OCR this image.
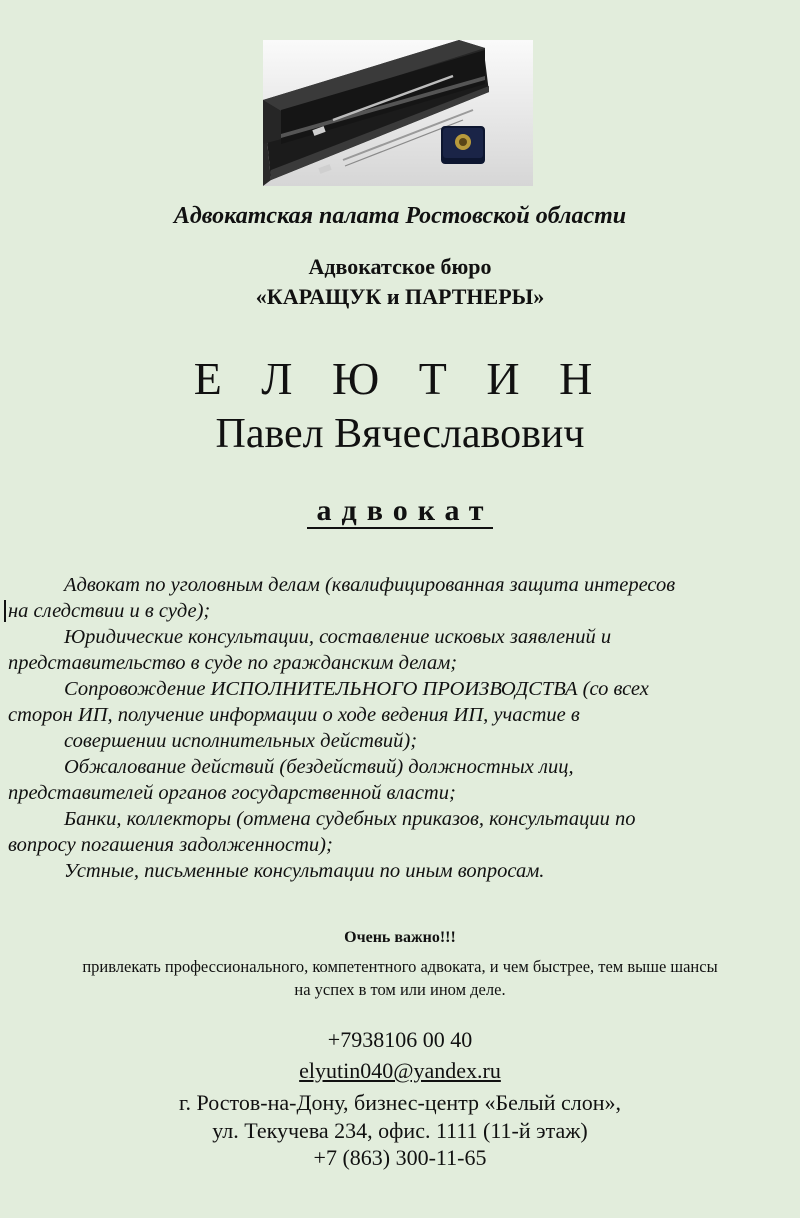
Адвокатская палата Ростовской области
Адвокатское бюро
«КАРАЩУК и ПАРТНЕРЫ»
Е Л Ю Т И Н
Павел Вячеславович
адвокат

Адвокат по уголовным делам (квалифицированная защита интересов

на следствии и в суде);

Юридические консультации, составление исковых заявлений и

представительство в суде по гражданским делам;

Сопровождение ИСПОЛНИТЕЛЬНОГО ПРОИЗВОДСТВА (со всех

сторон ИП, получение информации о ходе ведения ИП, участие в

совершении исполнительных действий);

Обжалование действий (бездействий) должностных лиц,

представителей органов государственной власти;

Банки, коллекторы (отмена судебных приказов, консультации по

вопросу погашения задолженности);

Устные, письменные консультации по иным вопросам.

Очень важно!!!
привлекать профессионального, компетентного адвоката, и чем быстрее, тем выше шансы
на успех в том или ином деле.
+7938106 00 40
elyutin040@yandex.ru
г. Ростов-на-Дону, бизнес-центр «Белый слон»,
ул. Текучева 234, офис. 1111 (11-й этаж)
+7 (863) 300-11-65
